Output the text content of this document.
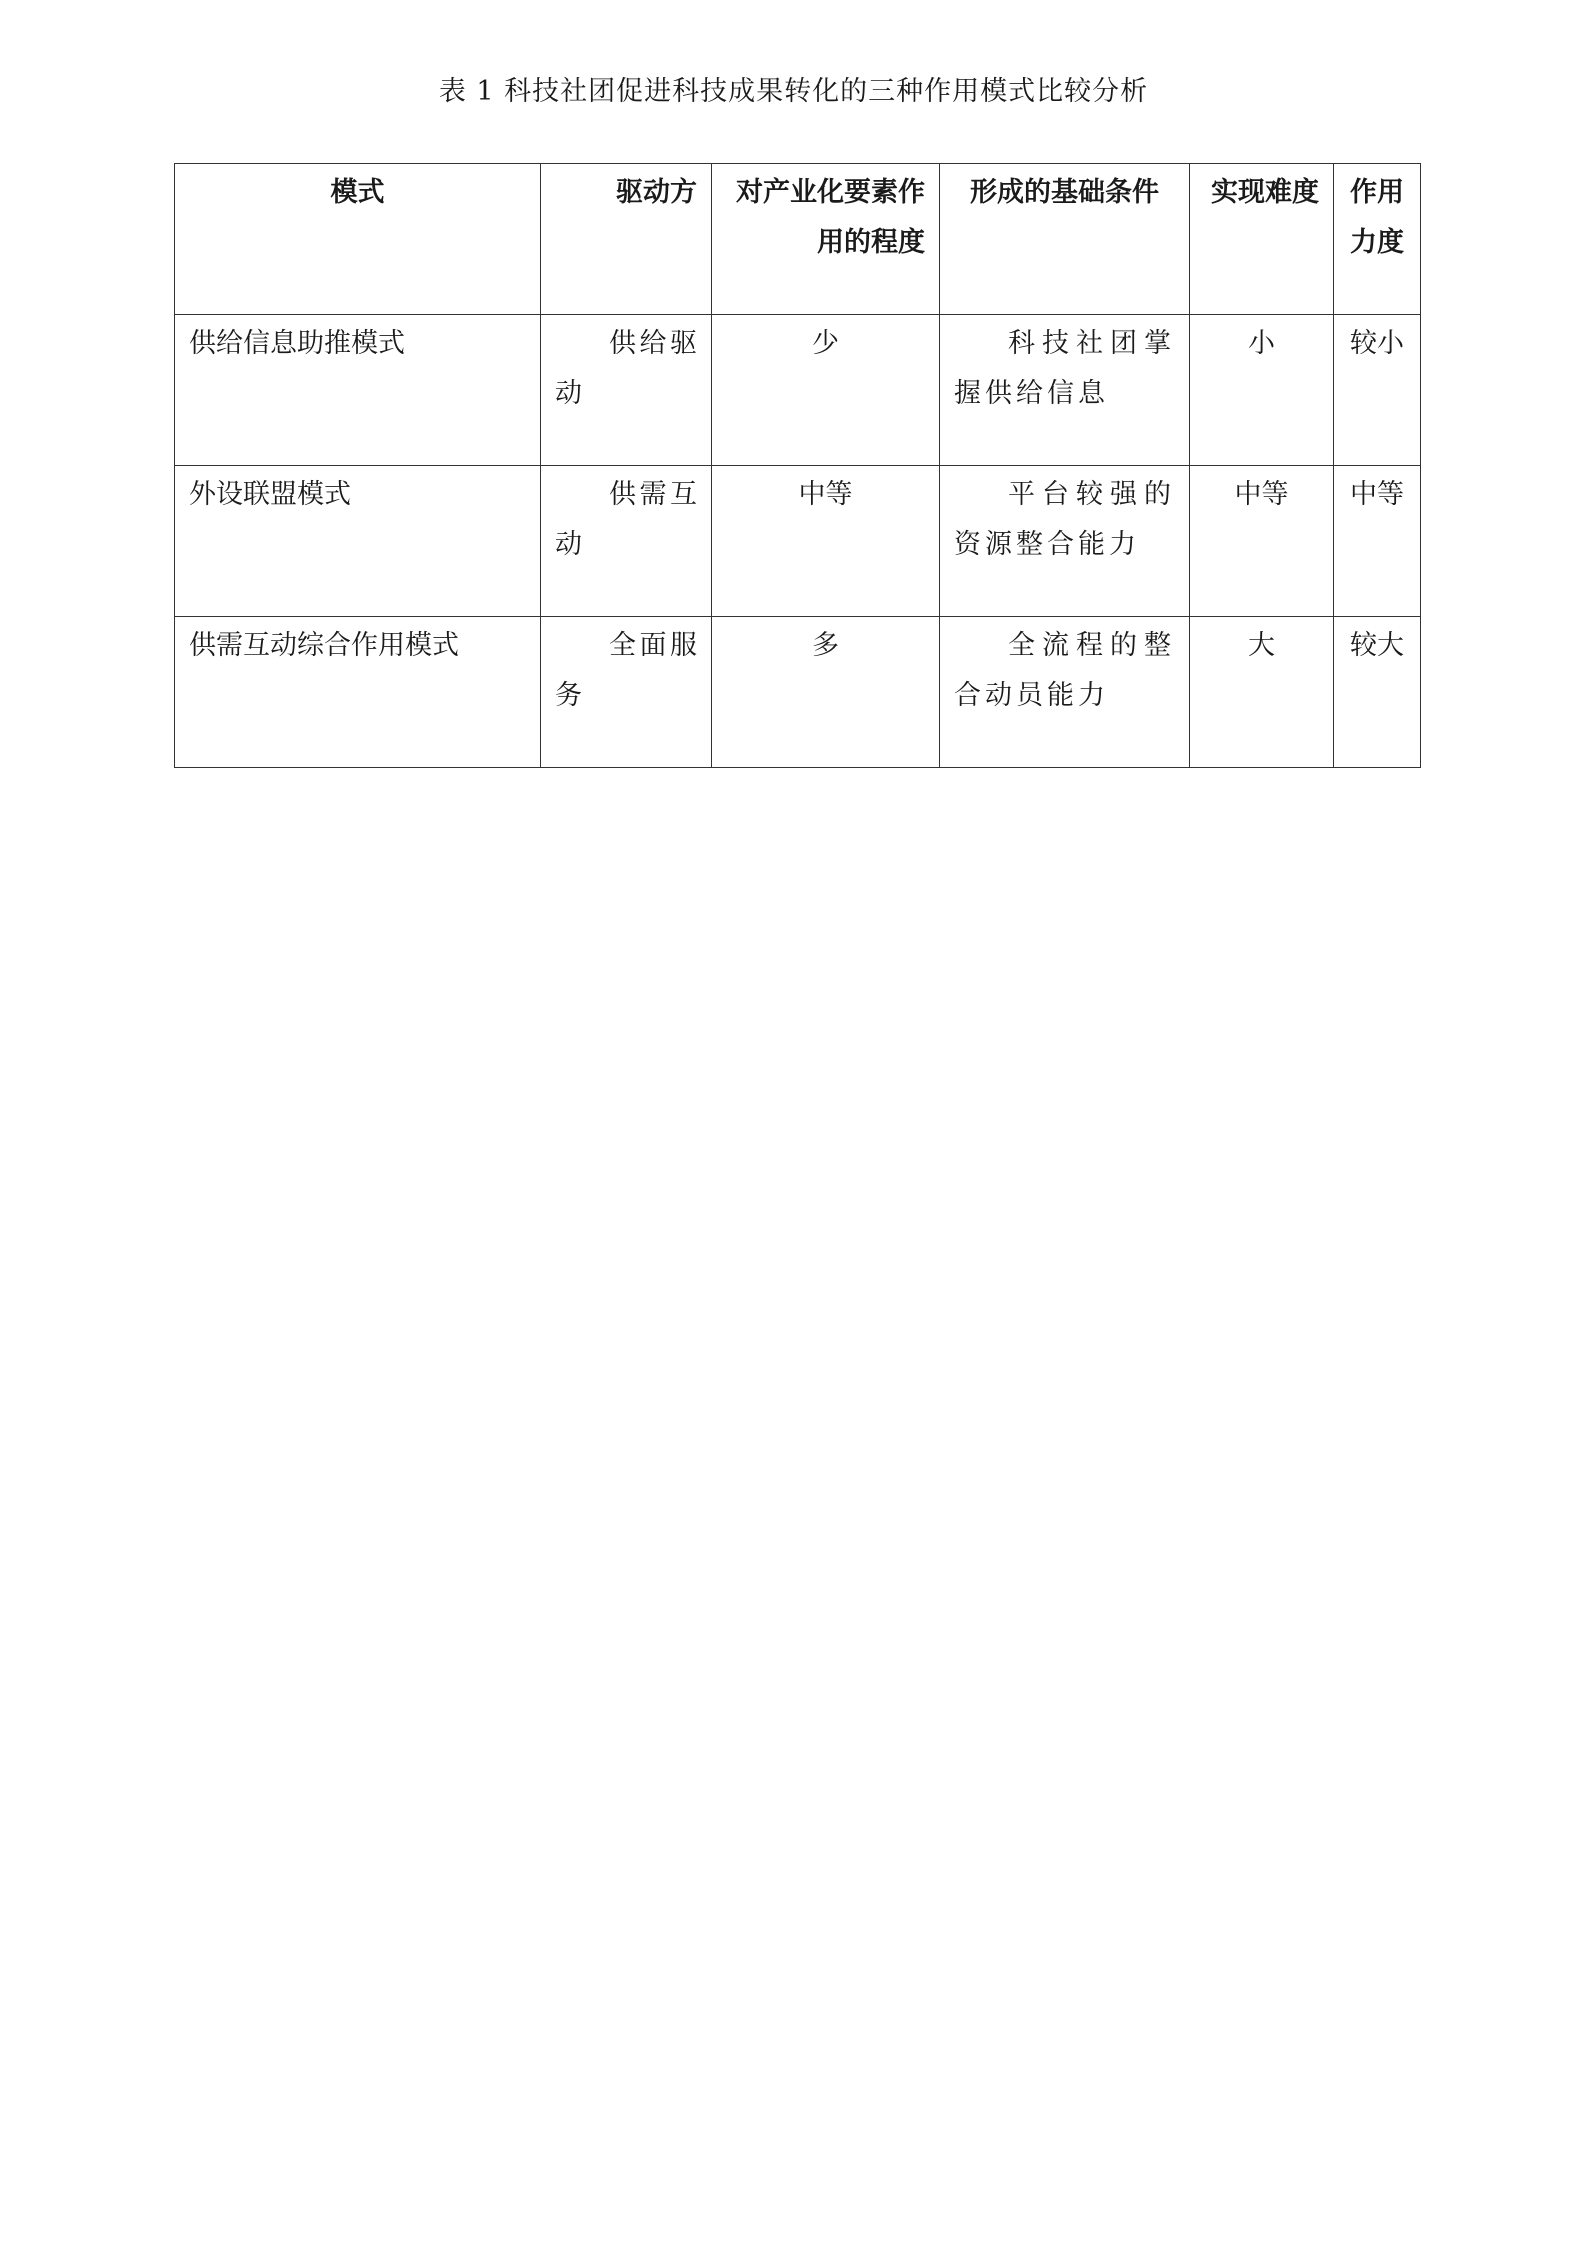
表 1 科技社团促进科技成果转化的三种作用模式比较分析

模式	驱动方	对产业化要素作用的程度	形成的基础条件	实现难度	作用力度
供给信息助推模式	供给驱动	少	科技社团掌握供给信息	小	较小
外设联盟模式	供需互动	中等	平台较强的资源整合能力	中等	中等
供需互动综合作用模式	全面服务	多	全流程的整合动员能力	大	较大
